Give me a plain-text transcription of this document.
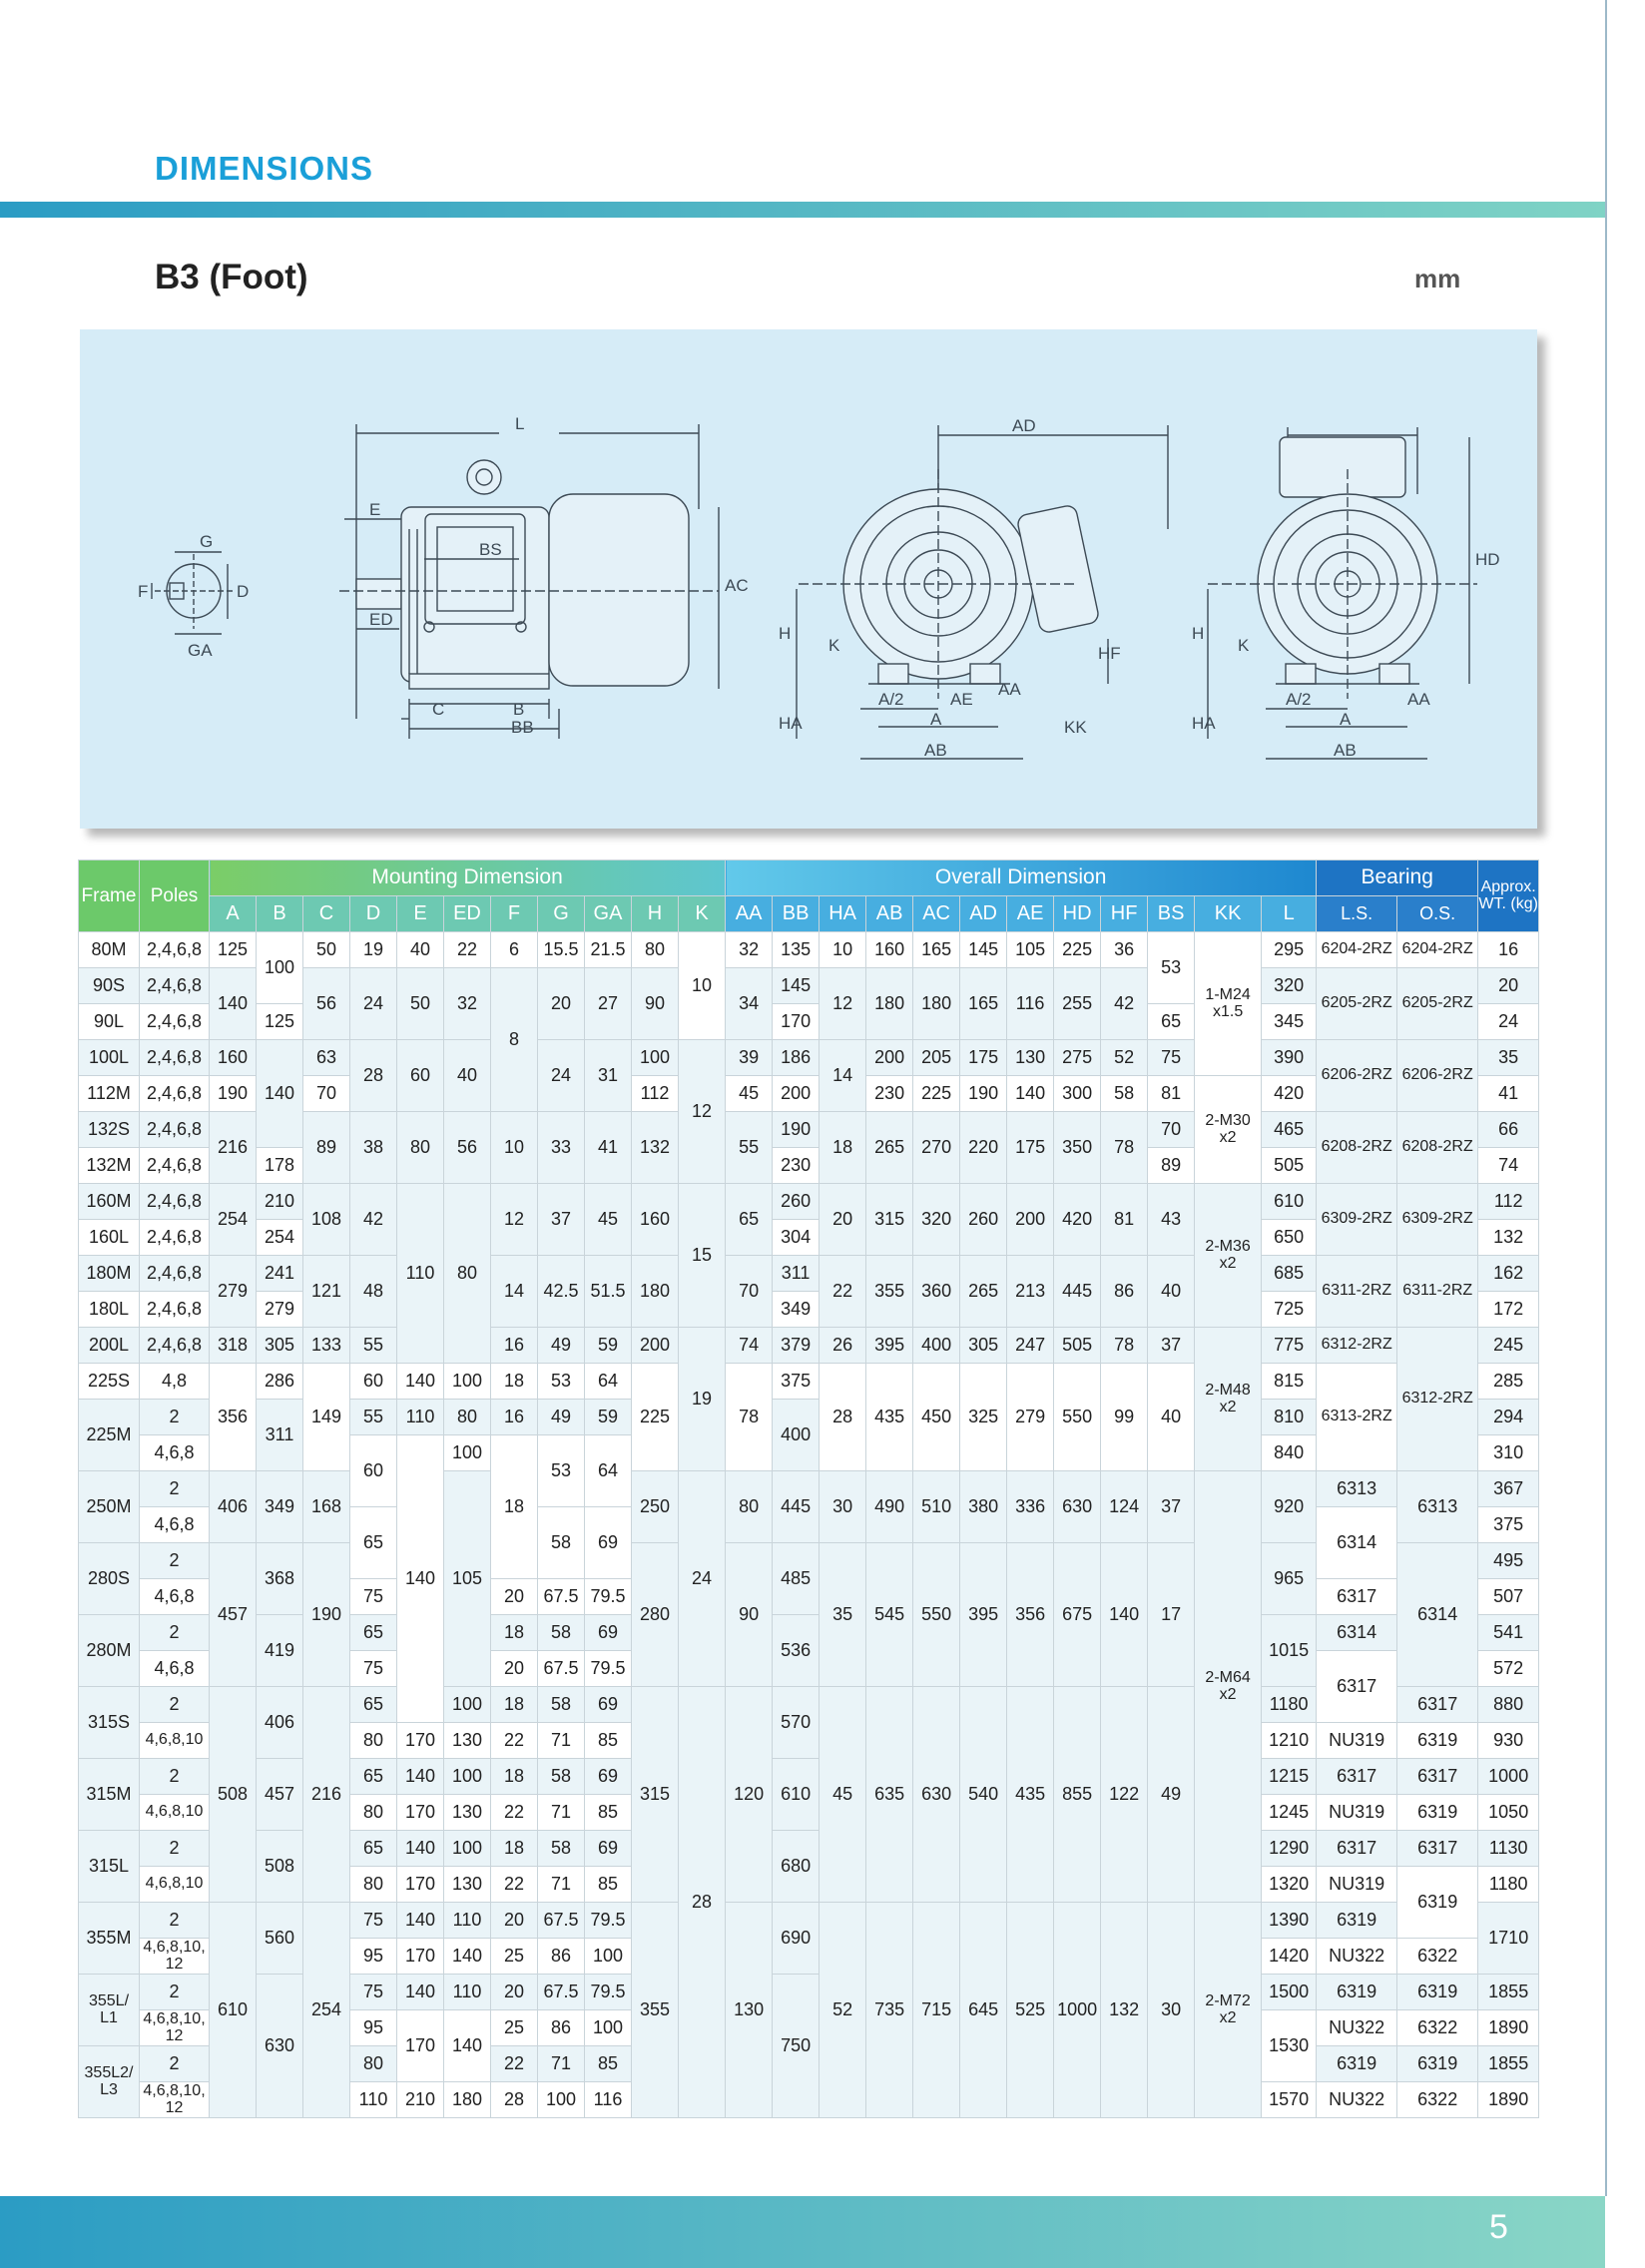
DIMENSIONS
B3 (Foot)	mm
G
F	D
GA
L
E
BS
ED
AC
C	B
BB
AD
H
K
A/2	AE
AA
HF
HA	A
AB
KK
HD
H
K
A/2	AA
HA	A
AB
Frame	Poles	Mounting Dimension											Overall Dimension												Bearing		Approx. WT. (kg)
		A	B	C	D	E	ED	F	G	GA	H	K	AA	BB	HA	AB	AC	AD	AE	HD	HF	BS	KK	L	L.S.	O.S.	
80M	2,4,6,8	125	100	50	19	40	22	6	15.5	21.5	80	10	32	135	10	160	165	145	105	225	36	53	1-M24 x1.5	295	6204-2RZ	6204-2RZ	16
90S	2,4,6,8	140		56	24	50	32	8	20	27	90		34	145	12	180	180	165	116	255	42			320	6205-2RZ	6205-2RZ	20
90L	2,4,6,8		125											170								65		345			24
100L	2,4,6,8	160	140	63	28	60	40		24	31	100	12	39	186	14	200	205	175	130	275	52	75		390	6206-2RZ	6206-2RZ	35
112M	2,4,6,8	190		70							112		45	200		230	225	190	140	300	58	81	2-M30 x2	420			41
132S	2,4,6,8	216		89	38	80	56	10	33	41	132		55	190	18	265	270	220	175	350	78	70		465	6208-2RZ	6208-2RZ	66
132M	2,4,6,8		178											230								89		505			74
160M	2,4,6,8	254	210	108	42	110	80	12	37	45	160	15	65	260	20	315	320	260	200	420	81	43	2-M36 x2	610	6309-2RZ	6309-2RZ	112
160L	2,4,6,8		254											304										650			132
180M	2,4,6,8	279	241	121	48			14	42.5	51.5	180		70	311	22	355	360	265	213	445	86	40		685	6311-2RZ	6311-2RZ	162
180L	2,4,6,8		279											349										725			172
200L	2,4,6,8	318	305	133	55			16	49	59	200	19	74	379	26	395	400	305	247	505	78	37	2-M48 x2	775	6312-2RZ	6312-2RZ	245
225S	4,8	356	286	149	60	140	100	18	53	64	225		78	375	28	435	450	325	279	550	99	40		815	6313-2RZ		285
225M	2		311		55	110	80	16	49	59				400										810			294
	4,6,8				60	140	100	18	53	64														840			310
250M	2	406	349	168			105				250	24	80	445	30	490	510	380	336	630	124	37	2-M64 x2	920	6313	6313	367
	4,6,8				65				58	69															6314		375
280S	2	457	368	190							280		90	485	35	545	550	395	356	675	140	17		965		6314	495
	4,6,8				75			20	67.5	79.5															6317		507
280M	2		419		65			18	58	69				536										1015	6314		541
	4,6,8				75			20	67.5	79.5															6317		572
315S	2	508	406	216	65		100	18	58	69	315	28	120	570	45	635	630	540	435	855	122	49		1180		6317	880
	4,6,8,10				80	170	130	22	71	85														1210	NU319	6319	930
315M	2		457		65	140	100	18	58	69				610										1215	6317	6317	1000
	4,6,8,10				80	170	130	22	71	85														1245	NU319	6319	1050
315L	2		508		65	140	100	18	58	69				680										1290	6317	6317	1130
	4,6,8,10				80	170	130	22	71	85														1320	NU319	6319	1180
355M	2	610	560	254	75	140	110	20	67.5	79.5	355		130	690	52	735	715	645	525	1000	132	30	2-M72 x2	1390	6319		1710
	4,6,8,10, 12				95	170	140	25	86	100														1420	NU322	6322	
355L/ L1	2		630		75	140	110	20	67.5	79.5				750										1500	6319	6319	1855
	4,6,8,10, 12				95	170	140	25	86	100														1530	NU322	6322	1890
355L2/ L3	2				80			22	71	85															6319	6319	1855
	4,6,8,10, 12				110	210	180	28	100	116														1570	NU322	6322	1890
5
